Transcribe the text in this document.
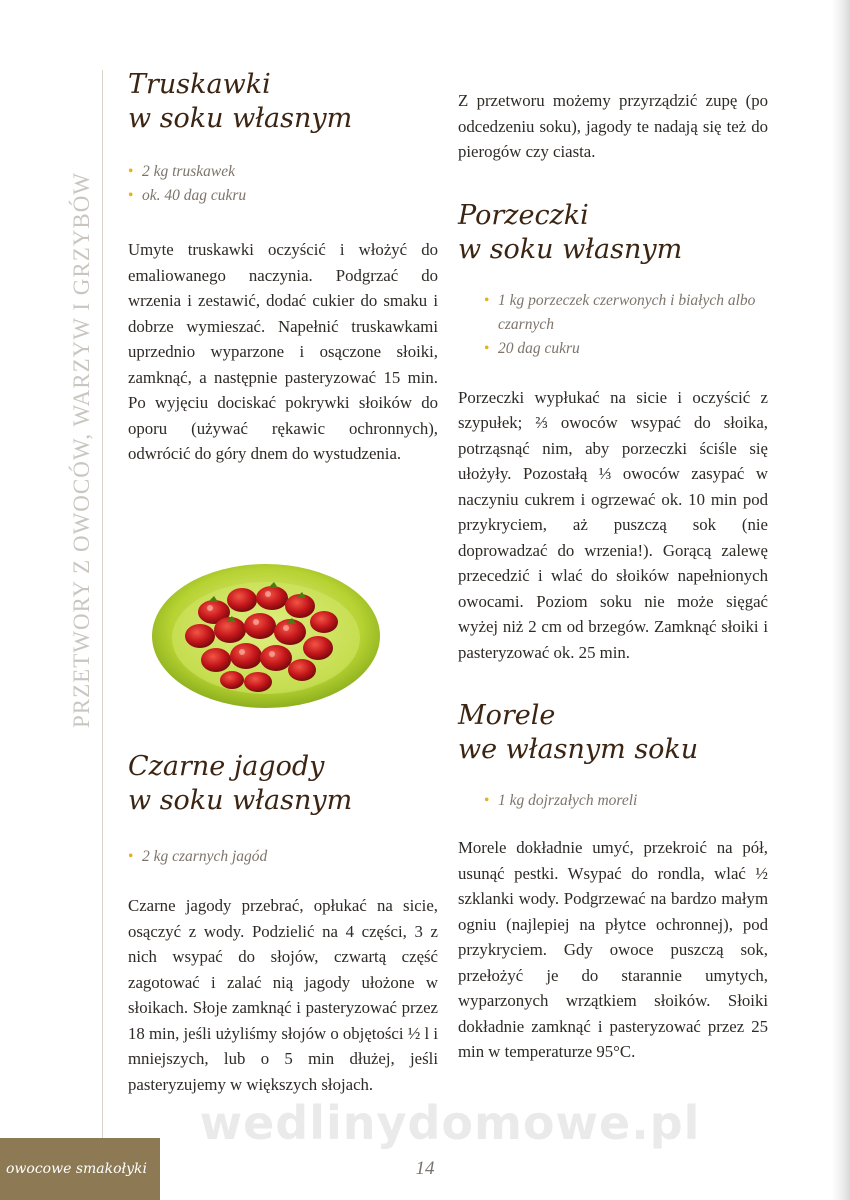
PRZETWORY Z OWOCÓW, WARZYW I GRZYBÓW
Truskawki
w soku własnym
• 2 kg truskawek
• ok. 40 dag cukru

Umyte truskawki oczyścić i włożyć do emaliowanego naczynia. Podgrzać do wrzenia i zestawić, dodać cukier do smaku i dobrze wymieszać. Napełnić truskawkami uprzednio wyparzone i osączone słoiki, zamknąć, a następnie pasteryzować 15 min. Po wyjęciu dociskać pokrywki słoików do oporu (używać rękawic ochronnych), odwrócić do góry dnem do wystudzenia.

Czarne jagody
w soku własnym
• 2 kg czarnych jagód

Czarne jagody przebrać, opłukać na sicie, osączyć z wody. Podzielić na 4 części, 3 z nich wsypać do słojów, czwartą część zagotować i zalać nią jagody ułożone w słoikach. Słoje zamknąć i pasteryzować przez 18 min, jeśli użyliśmy słojów o objętości ½ l i mniejszych, lub o 5 min dłużej, jeśli pasteryzujemy w większych słojach.

Z przetworu możemy przyrządzić zupę (po odcedzeniu soku), jagody te nadają się też do pierogów czy ciasta.

Porzeczki
w soku własnym
• 1 kg porzeczek czerwonych i białych albo czarnych
• 20 dag cukru

Porzeczki wypłukać na sicie i oczyścić z szypułek; ⅔ owoców wsypać do słoika, potrząsnąć nim, aby porzeczki ściśle się ułożyły. Pozostałą ⅓ owoców zasypać w naczyniu cukrem i ogrzewać ok. 10 min pod przykryciem, aż puszczą sok (nie doprowadzać do wrzenia!). Gorącą zalewę przecedzić i wlać do słoików napełnionych owocami. Poziom soku nie może sięgać wyżej niż 2 cm od brzegów. Zamknąć słoiki i pasteryzować ok. 25 min.

Morele
we własnym soku
• 1 kg dojrzałych moreli

Morele dokładnie umyć, przekroić na pół, usunąć pestki. Wsypać do rondla, wlać ½ szklanki wody. Podgrzewać na bardzo małym ogniu (najlepiej na płytce ochronnej), pod przykryciem. Gdy owoce puszczą sok, przełożyć je do starannie umytych, wyparzonych wrzątkiem słoików. Słoiki dokładnie zamknąć i pasteryzować przez 25 min w temperaturze 95°C.

wedlinydomowe.pl
owocowe smakołyki	14
